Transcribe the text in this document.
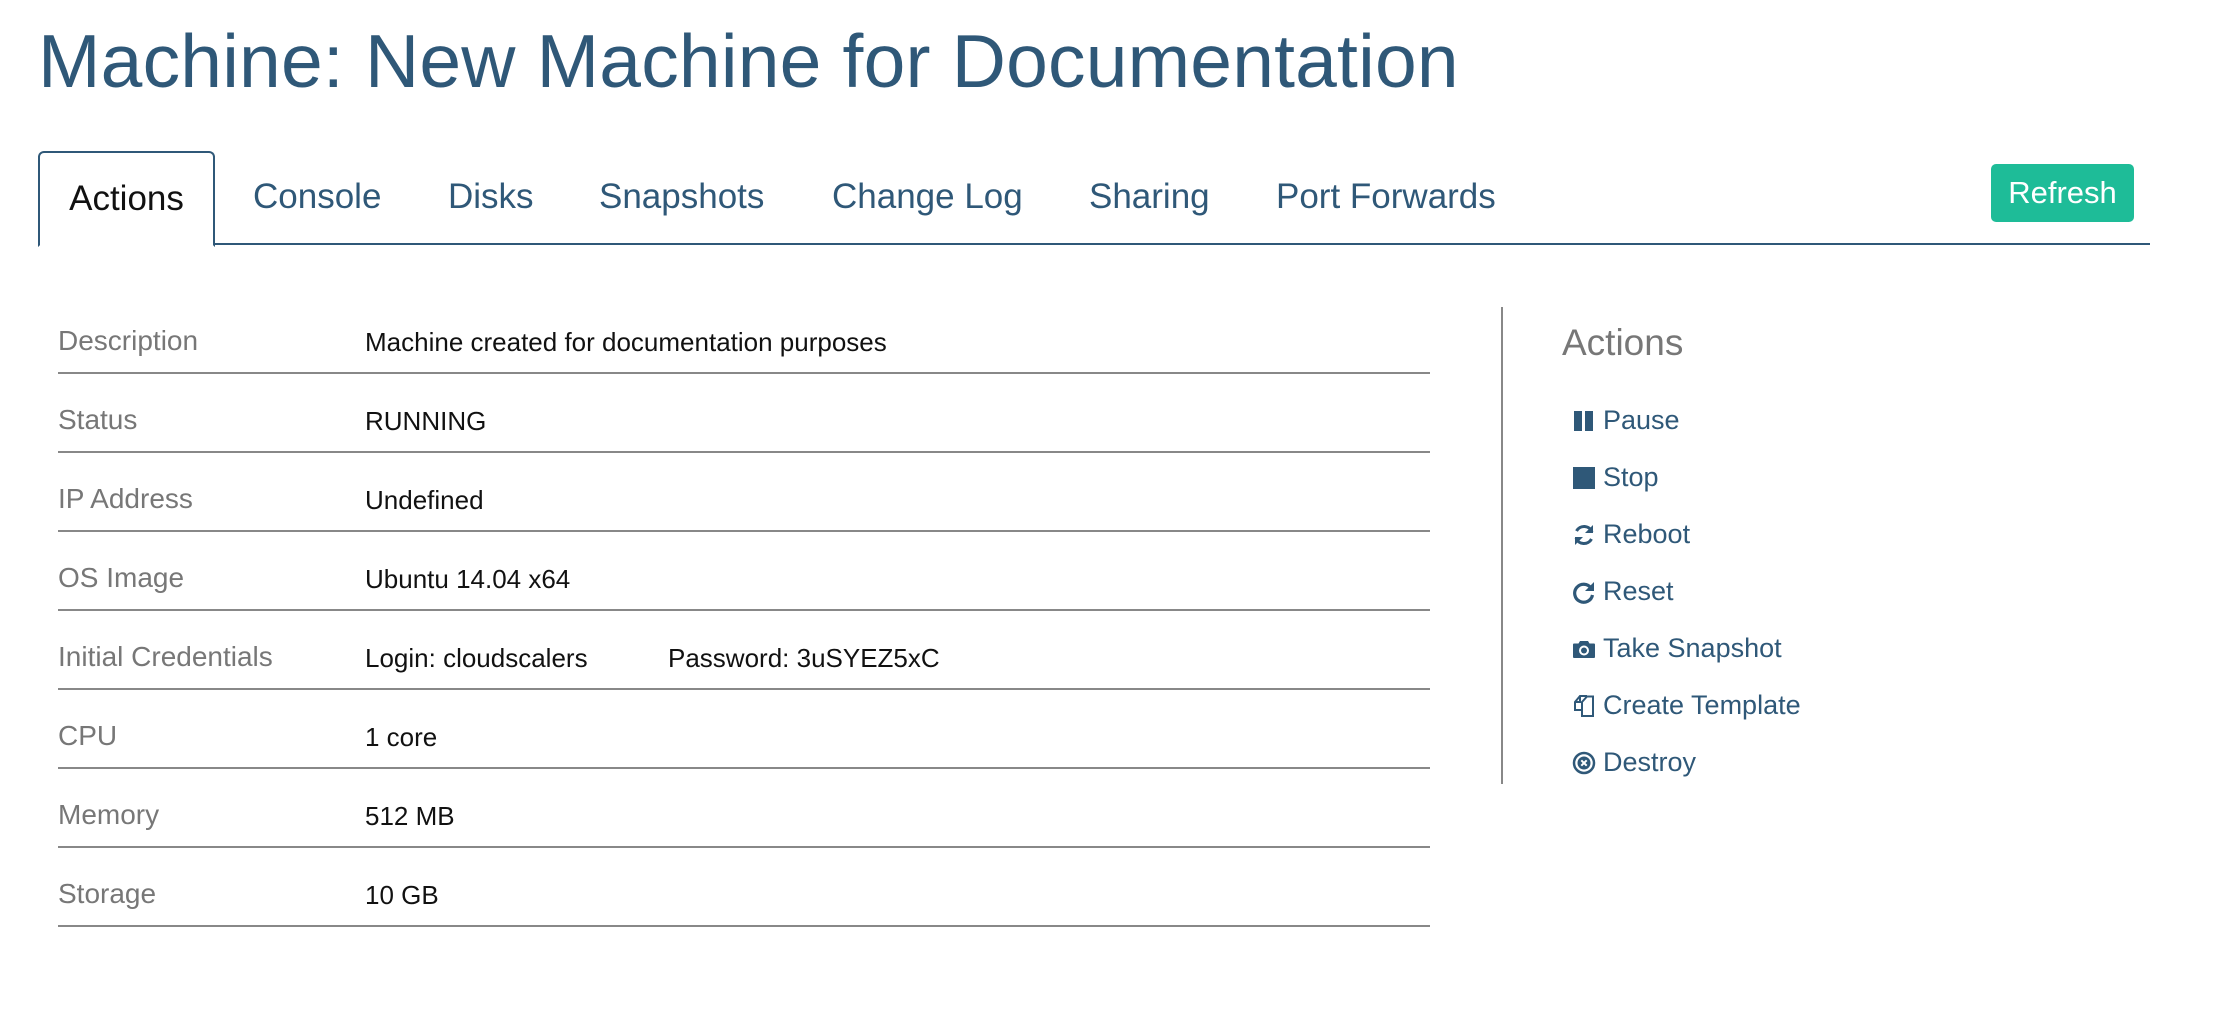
Machine: New Machine for Documentation
Actions	Console Disks Snapshots Change Log Sharing Port Forwards	Refresh
Description	Machine created for documentation purposes
Status	RUNNING
IP Address	Undefined
OS Image	Ubuntu 14.04 x64
Initial Credentials	Login: cloudscalers	Password: 3uSYEZ5xC
CPU	1 core
Memory	512 MB
Storage	10 GB
Actions
Pause
Stop
Reboot
Reset
Take Snapshot
Create Template
Destroy
